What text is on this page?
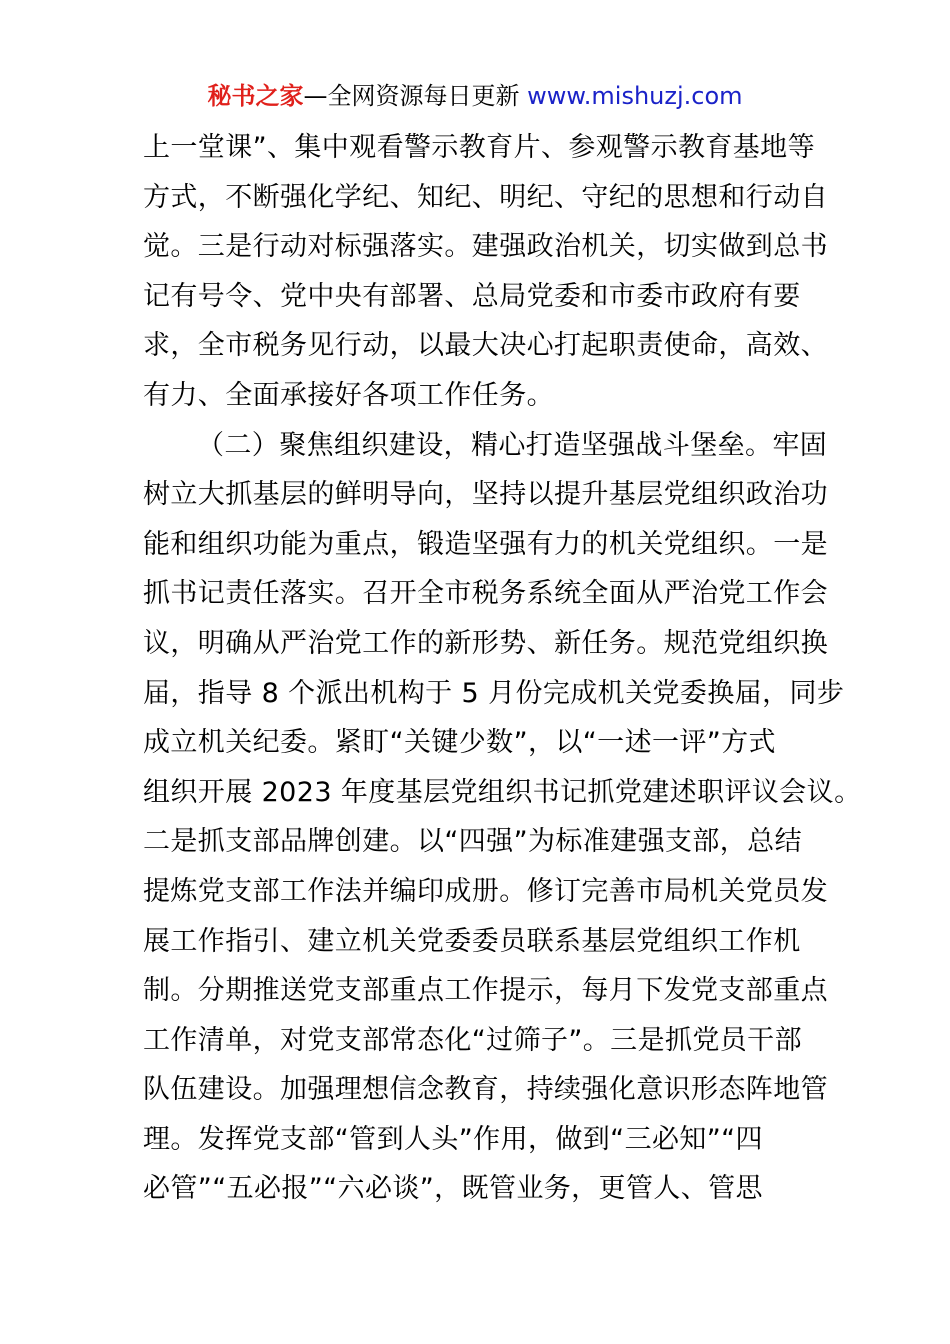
秘书之家—全网资源每日更新 www.mishuzj.com
上一堂课”、集中观看警示教育片、参观警示教育基地等
方式，不断强化学纪、知纪、明纪、守纪的思想和行动自
觉。三是行动对标强落实。建强政治机关，切实做到总书
记有号令、党中央有部署、总局党委和市委市政府有要
求，全市税务见行动，以最大决心打起职责使命，高效、
有力、全面承接好各项工作任务。
（二）聚焦组织建设，精心打造坚强战斗堡垒。牢固
树立大抓基层的鲜明导向，坚持以提升基层党组织政治功
能和组织功能为重点，锻造坚强有力的机关党组织。一是
抓书记责任落实。召开全市税务系统全面从严治党工作会
议，明确从严治党工作的新形势、新任务。规范党组织换
届，指导 8 个派出机构于 5 月份完成机关党委换届，同步
成立机关纪委。紧盯“关键少数”，以“一述一评”方式
组织开展 2023 年度基层党组织书记抓党建述职评议会议。
二是抓支部品牌创建。以“四强”为标准建强支部，总结
提炼党支部工作法并编印成册。修订完善市局机关党员发
展工作指引、建立机关党委委员联系基层党组织工作机
制。分期推送党支部重点工作提示，每月下发党支部重点
工作清单，对党支部常态化“过筛子”。三是抓党员干部
队伍建设。加强理想信念教育，持续强化意识形态阵地管
理。发挥党支部“管到人头”作用，做到“三必知”“四
必管”“五必报”“六必谈”，既管业务，更管人、管思
